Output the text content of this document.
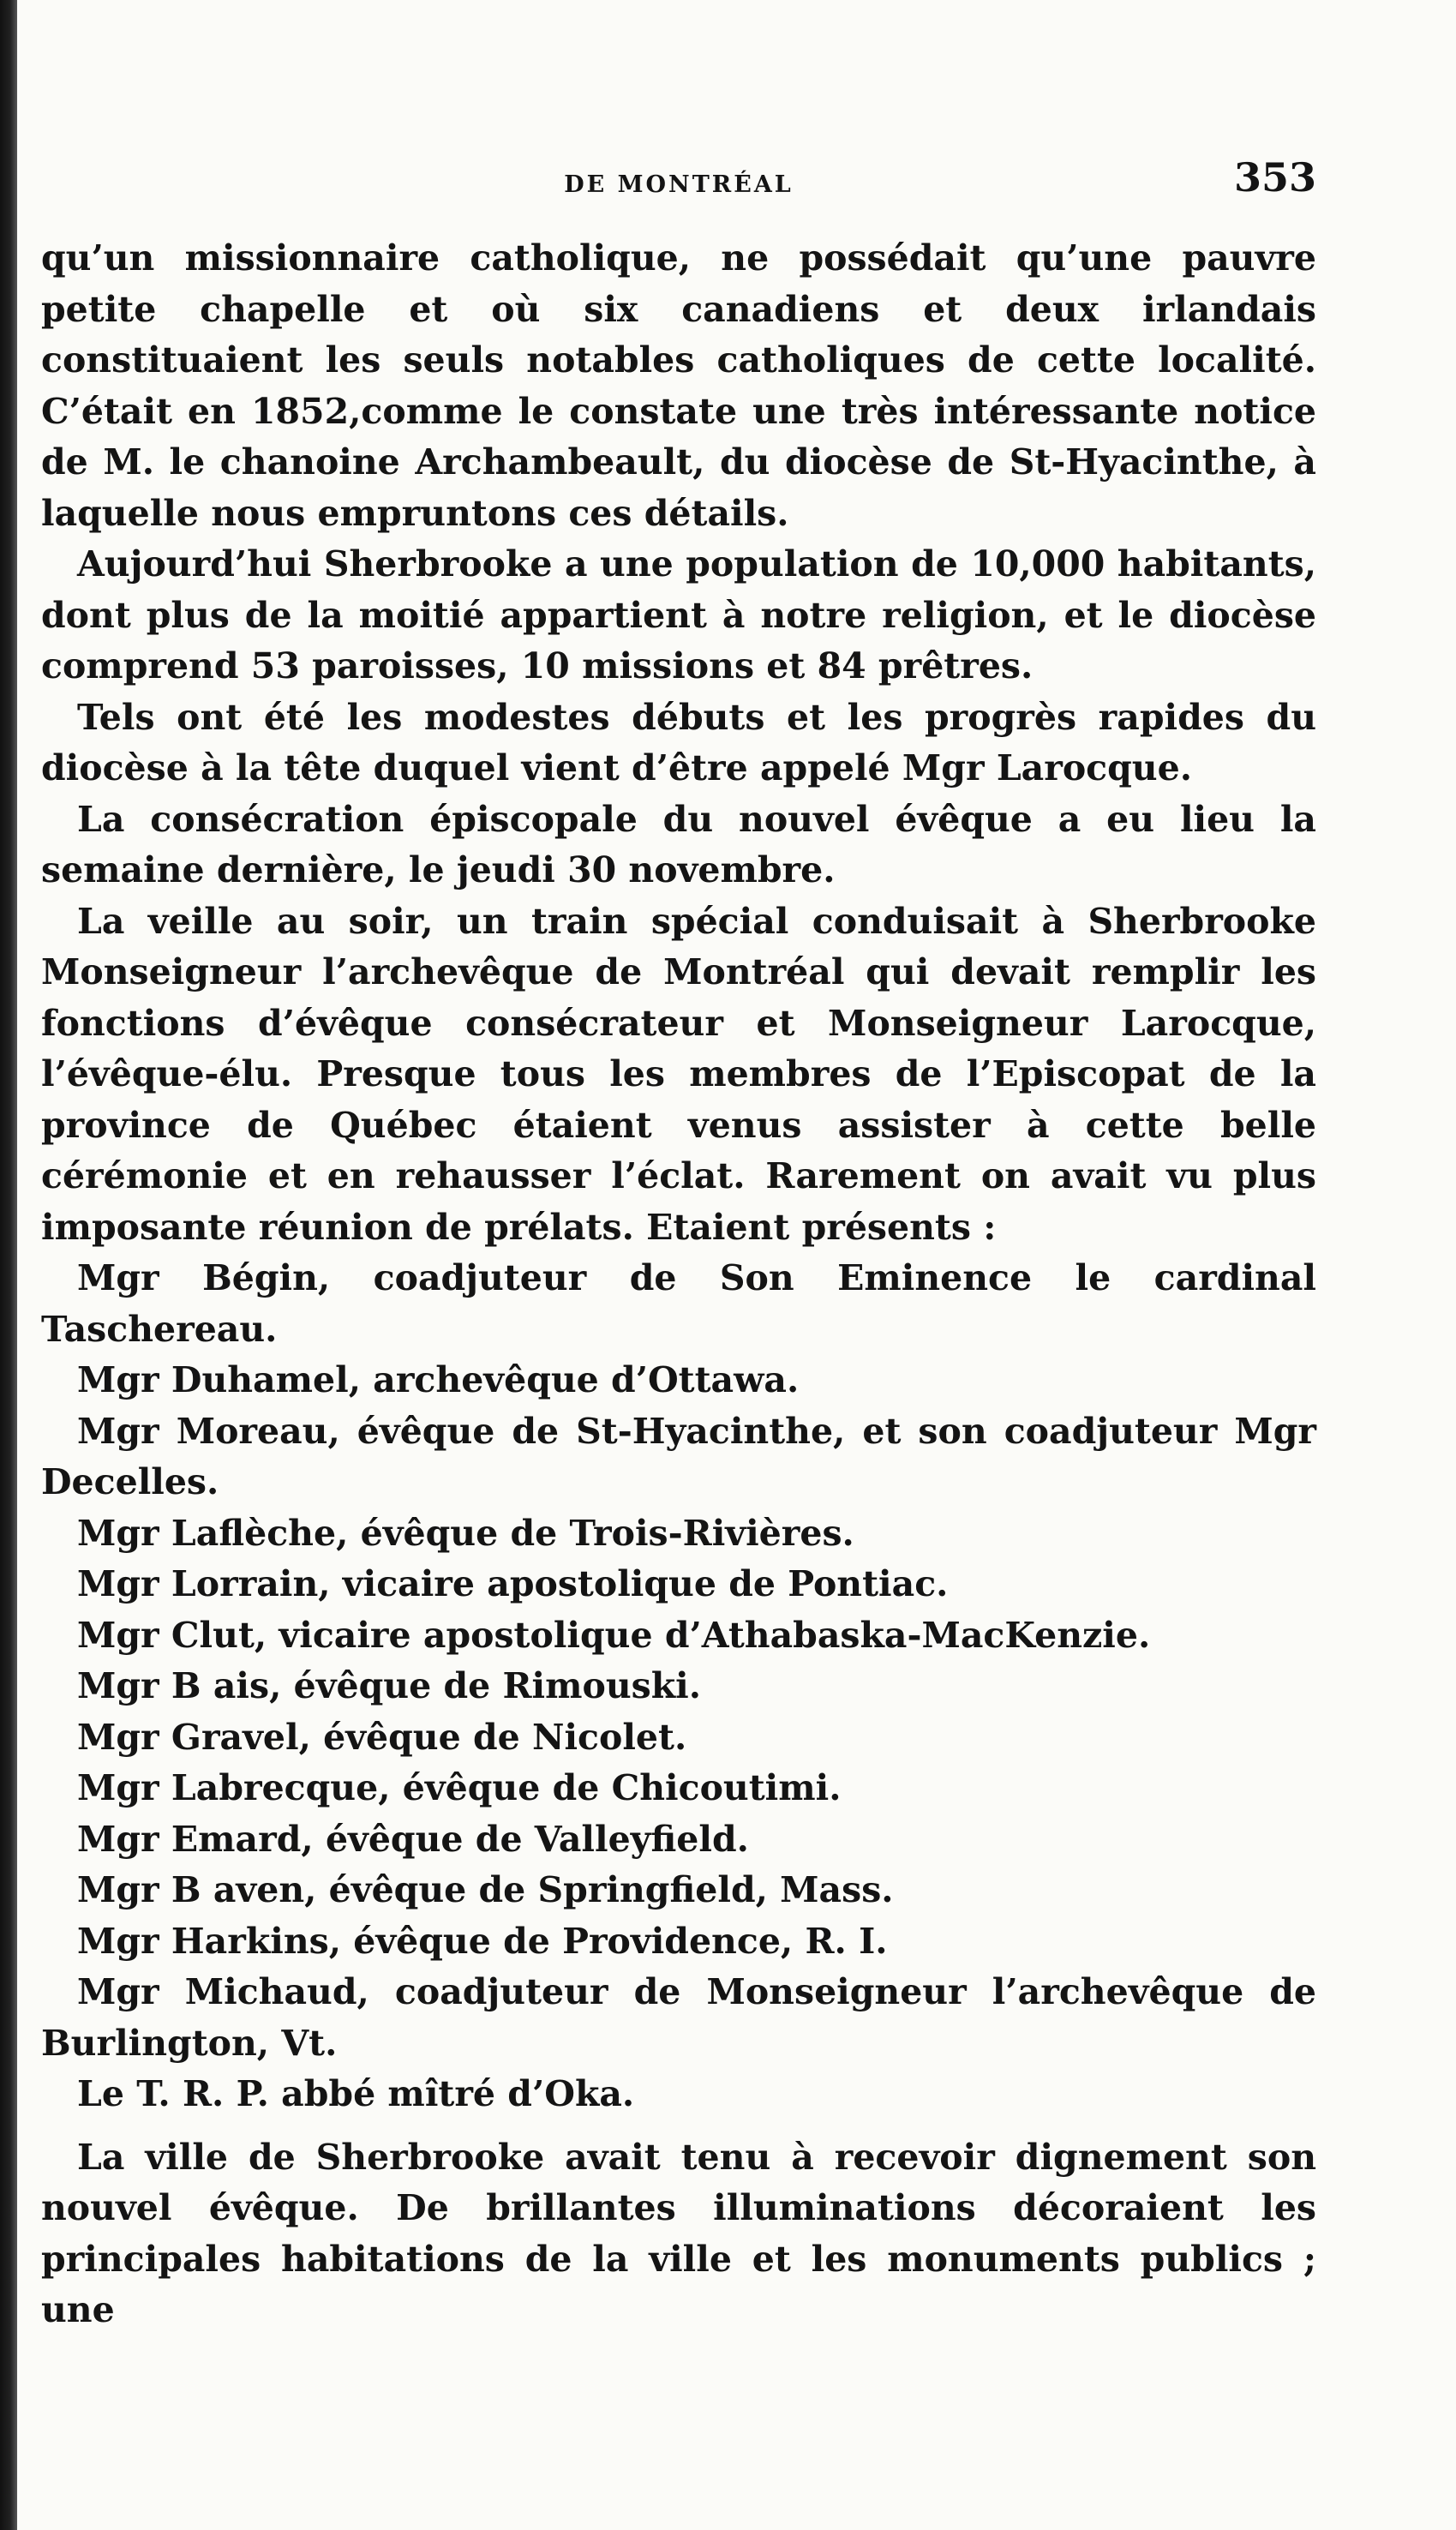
DE MONTRÉAL	353

qu’un missionnaire catholique, ne possédait qu’une pauvre petite chapelle et où six canadiens et deux irlandais constituaient les seuls notables catholiques de cette localité. C’était en 1852,comme le constate une très intéressante notice de M. le chanoine Archambeault, du diocèse de St-Hyacinthe, à laquelle nous empruntons ces détails.

Aujourd’hui Sherbrooke a une population de 10,000 habitants, dont plus de la moitié appartient à notre religion, et le diocèse comprend 53 paroisses, 10 missions et 84 prêtres.

Tels ont été les modestes débuts et les progrès rapides du diocèse à la tête duquel vient d’être appelé Mgr Larocque.

La consécration épiscopale du nouvel évêque a eu lieu la semaine dernière, le jeudi 30 novembre.

La veille au soir, un train spécial conduisait à Sherbrooke Monseigneur l’archevêque de Montréal qui devait remplir les fonctions d’évêque consécrateur et Monseigneur Larocque, l’évêque-élu. Presque tous les membres de l’Episcopat de la province de Québec étaient venus assister à cette belle cérémonie et en rehausser l’éclat. Rarement on avait vu plus imposante réunion de prélats. Etaient présents :

Mgr Bégin, coadjuteur de Son Eminence le cardinal Taschereau.

Mgr Duhamel, archevêque d’Ottawa.

Mgr Moreau, évêque de St-Hyacinthe, et son coadjuteur Mgr Decelles.

Mgr Laflèche, évêque de Trois-Rivières.

Mgr Lorrain, vicaire apostolique de Pontiac.

Mgr Clut, vicaire apostolique d’Athabaska-MacKenzie.

Mgr B ais, évêque de Rimouski.

Mgr Gravel, évêque de Nicolet.

Mgr Labrecque, évêque de Chicoutimi.

Mgr Emard, évêque de Valleyfield.

Mgr B aven, évêque de Springfield, Mass.

Mgr Harkins, évêque de Providence, R. I.

Mgr Michaud, coadjuteur de Monseigneur l’archevêque de Burlington, Vt.

Le T. R. P. abbé mîtré d’Oka.

La ville de Sherbrooke avait tenu à recevoir dignement son nouvel évêque. De brillantes illuminations décoraient les principales habitations de la ville et les monuments publics ; une
